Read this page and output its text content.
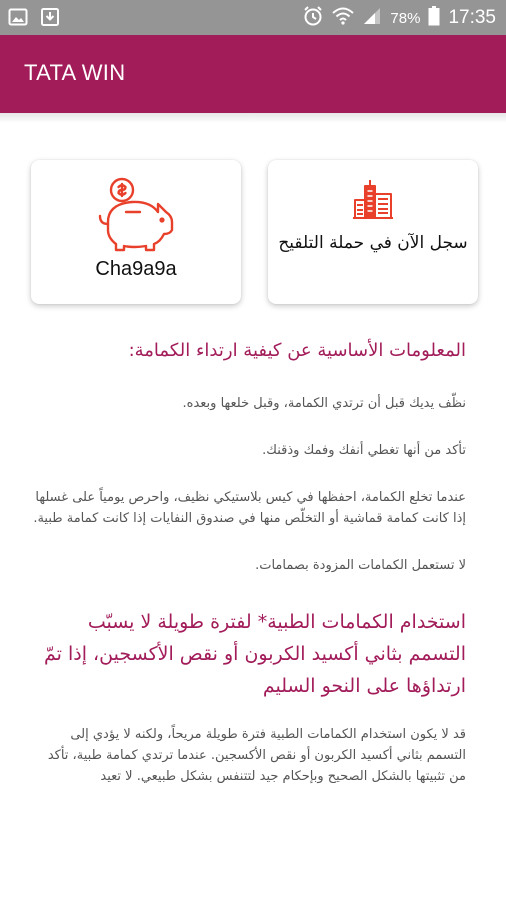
78% 17:35
TATA WIN
Cha9a9a
سجل الآن في حملة التلقيح
المعلومات الأساسية عن كيفية ارتداء الكمامة:

نظّف يديك قبل أن ترتدي الكمامة، وقبل خلعها وبعده.

تأكد من أنها تغطي أنفك وفمك وذقنك.

عندما تخلع الكمامة، احفظها في كيس بلاستيكي نظيف، واحرص يومياً على غسلها إذا كانت كمامة قماشية أو التخلّص منها في صندوق النفايات إذا كانت كمامة طبية.

لا تستعمل الكمامات المزودة بصمامات.

استخدام الكمامات الطبية* لفترة طويلة لا يسبّب التسمم بثاني أكسيد الكربون أو نقص الأكسجين، إذا تمّ ارتداؤها على النحو السليم

قد لا يكون استخدام الكمامات الطبية فترة طويلة مريحاً، ولكنه لا يؤدي إلى التسمم بثاني أكسيد الكربون أو نقص الأكسجين. عندما ترتدي كمامة طبية، تأكد من تثبيتها بالشكل الصحيح وبإحكام جيد لتتنفس بشكل طبيعي. لا تعيد
